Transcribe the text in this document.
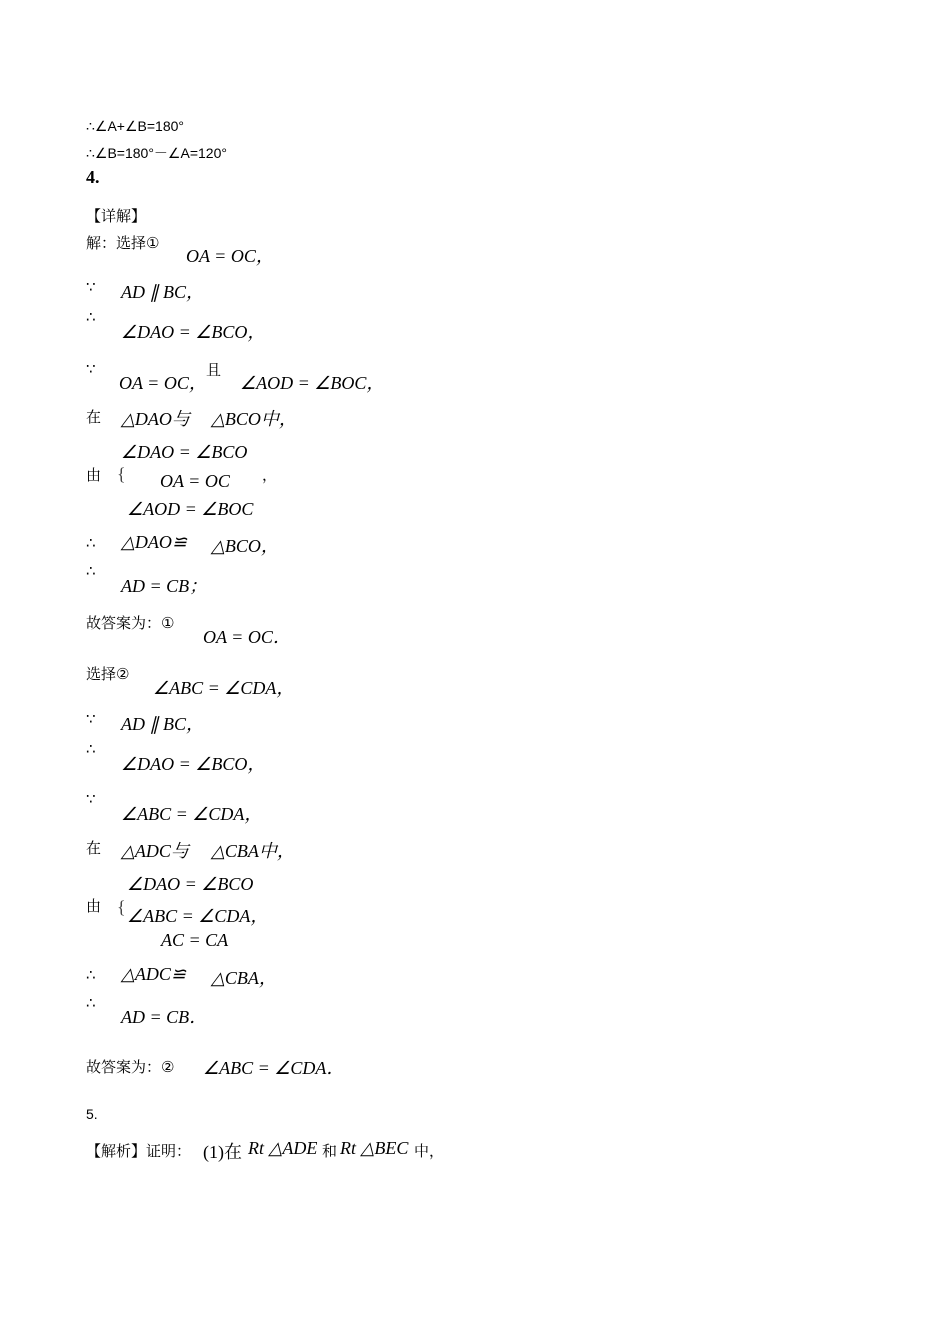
∴∠A+∠B=180°
∴∠B=180°－∠A=120°
4.
【详解】
解：选择①
OA = OC，
∵ AD ∥ BC，
∴
∠DAO = ∠BCO，
∵
OA = OC，
且
∠AOD = ∠BOC，
在 △DAO与 △BCO中，
由 {
∠DAO = ∠BCO
OA = OC ，
∠AOD = ∠BOC
∴ △DAO≌ △BCO，
∴
AD = CB；
故答案为：①
OA = OC．
选择②
∠ABC = ∠CDA，
∵ AD ∥ BC，
∴
∠DAO = ∠BCO，
∵
∠ABC = ∠CDA，
在 △ADC与 △CBA中，
由 {
∠DAO = ∠BCO
∠ABC = ∠CDA，
AC = CA
∴ △ADC≌ △CBA，
∴
AD = CB．
故答案为：② ∠ABC = ∠CDA．
5.
【解析】证明： (1)在 Rt △ADE 和 Rt △BEC 中，
